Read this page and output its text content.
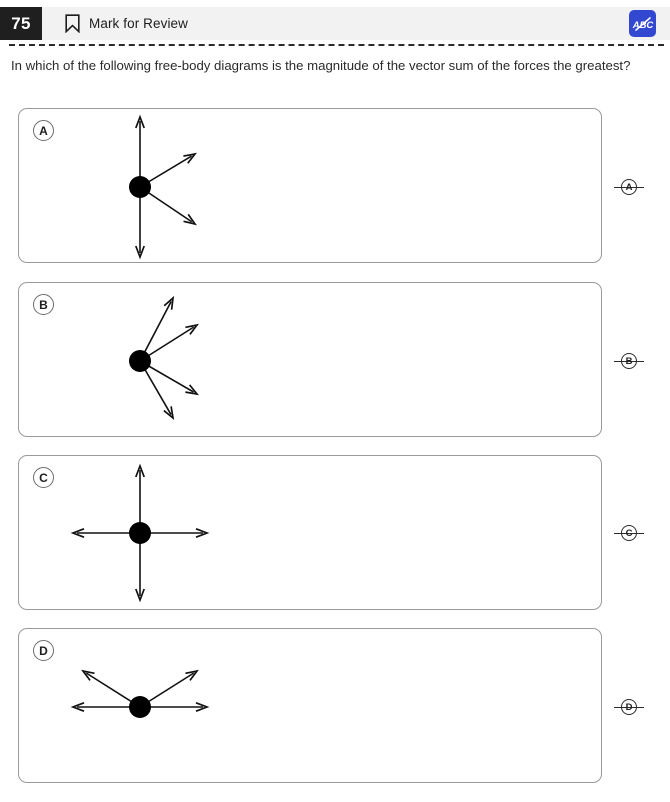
75	Mark for Review	ABC
In which of the following free-body diagrams is the magnitude of the vector sum of the forces the greatest?
A
A
B
B
C
C
D
D
